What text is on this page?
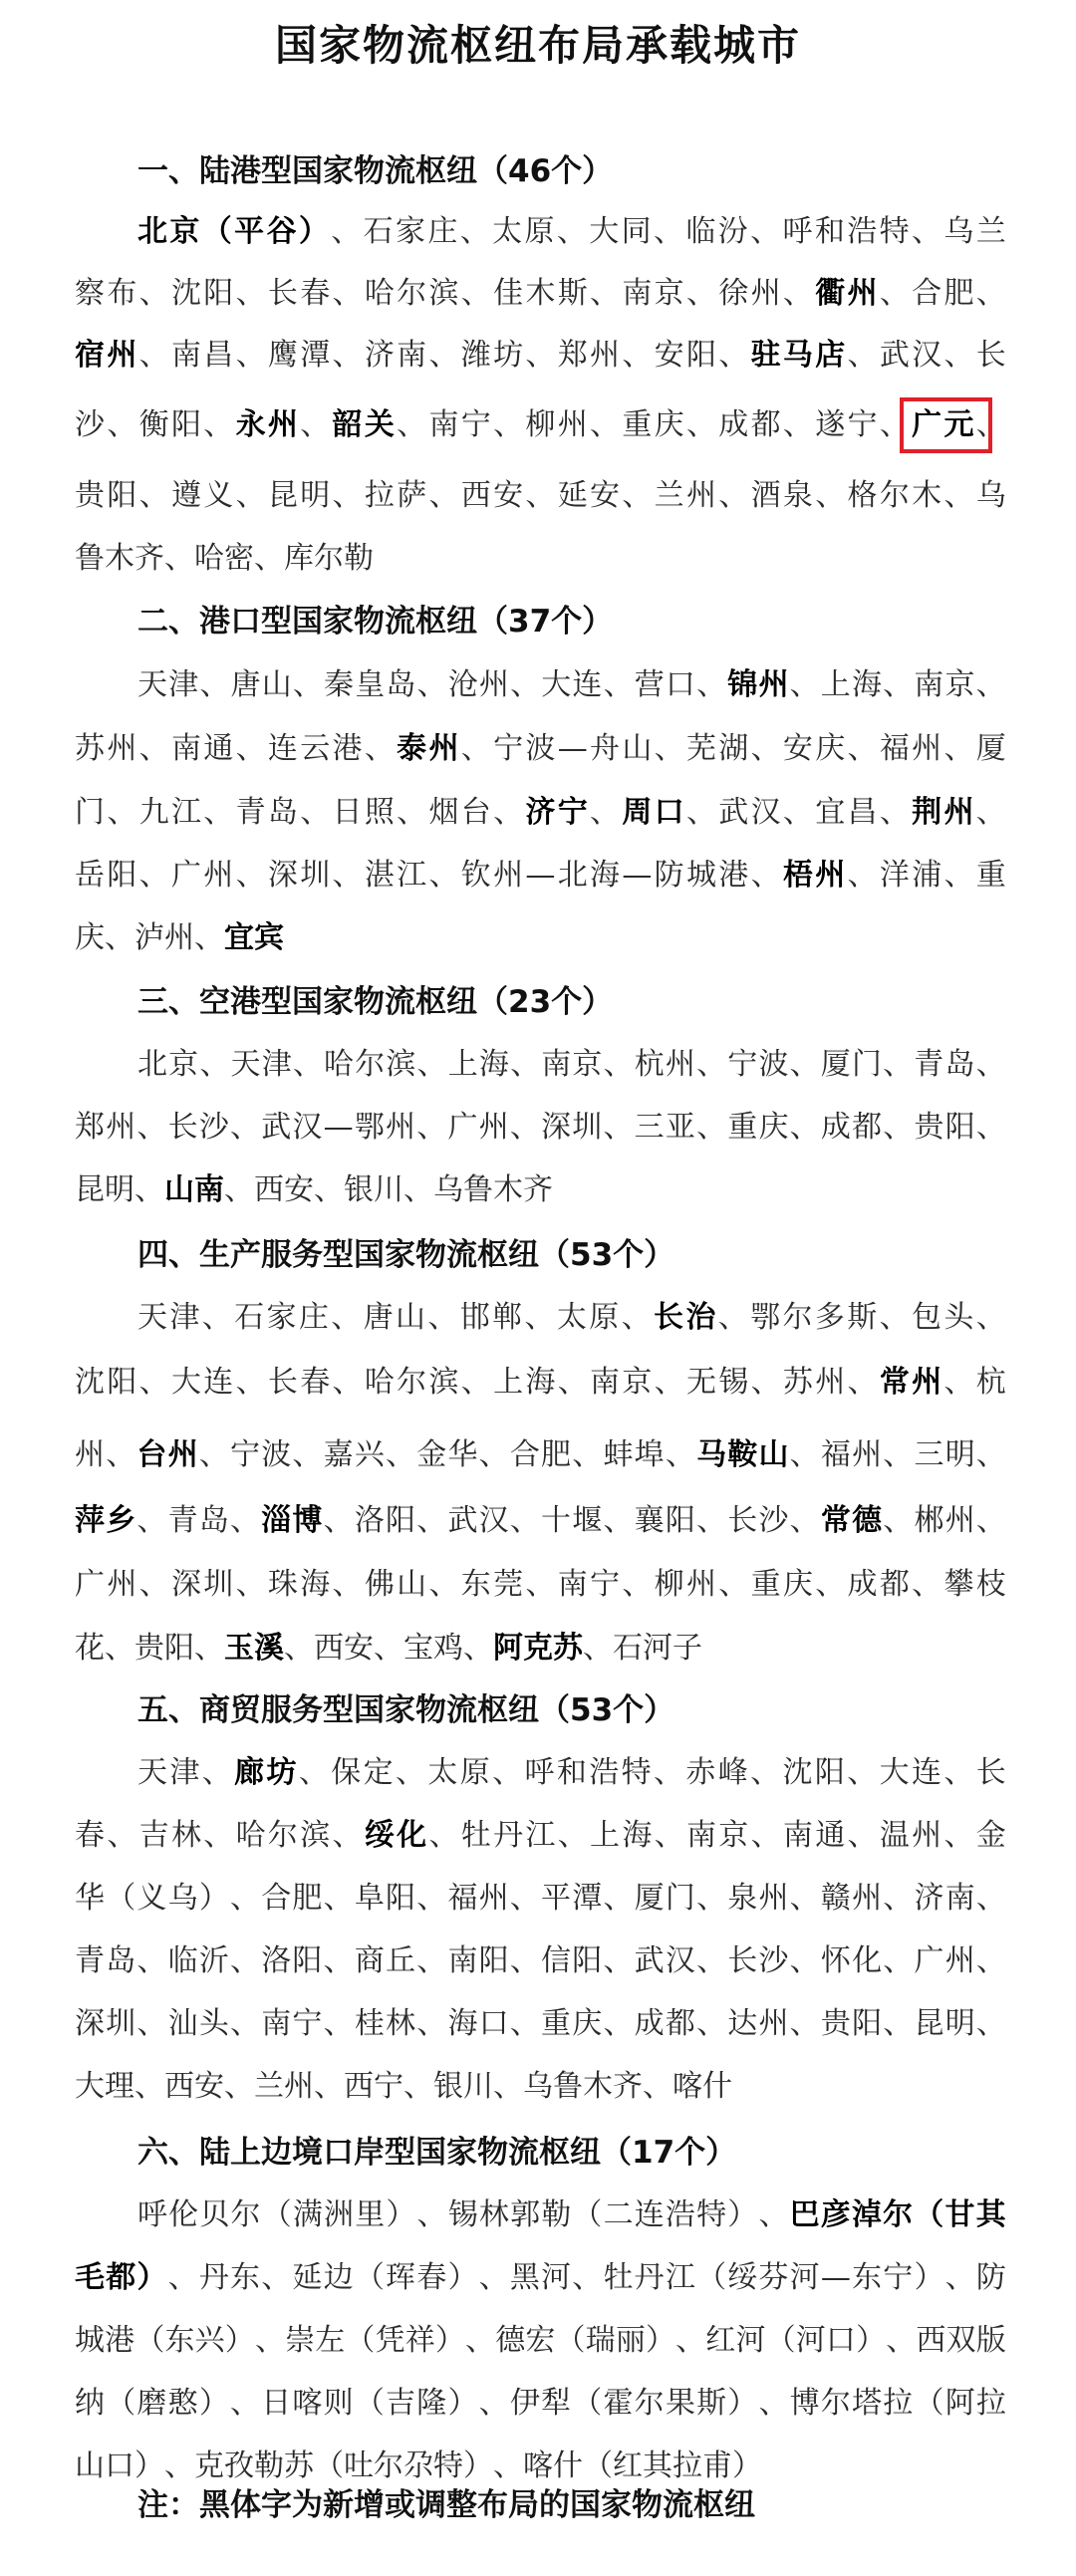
国家物流枢纽布局承载城市
一、陆港型国家物流枢纽（46个）
北 京 （ 平 谷 ） 、 石 家 庄 、 太 原 、 大 同 、 临 汾 、 呼 和 浩 特 、 乌 兰
察 布 、 沈 阳 、 长 春 、 哈 尔 滨 、 佳 木 斯 、 南 京 、 徐 州 、 衢 州 、 合 肥 、
宿 州 、 南 昌 、 鹰 潭 、 济 南 、 潍 坊 、 郑 州 、 安 阳 、 驻 马 店 、 武 汉 、 长
沙 、 衡 阳 、 永 州 、 韶 关 、 南 宁 、 柳 州 、 重 庆 、 成 都 、 遂 宁 、 广 元 、
贵 阳 、 遵 义 、 昆 明 、 拉 萨 、 西 安 、 延 安 、 兰 州 、 酒 泉 、 格 尔 木 、 乌
鲁 木 齐 、 哈 密 、 库 尔 勒
二、港口型国家物流枢纽（37个）
天 津 、 唐 山 、 秦 皇 岛 、 沧 州 、 大 连 、 营 口 、 锦 州 、 上 海 、 南 京 、
苏 州 、 南 通 、 连 云 港 、 泰 州 、 宁 波 — 舟 山 、 芜 湖 、 安 庆 、 福 州 、 厦
门 、 九 江 、 青 岛 、 日 照 、 烟 台 、 济 宁 、 周 口 、 武 汉 、 宜 昌 、 荆 州 、
岳 阳 、 广 州 、 深 圳 、 湛 江 、 钦 州 — 北 海 — 防 城 港 、 梧 州 、 洋 浦 、 重
庆 、 泸 州 、 宜 宾
三、空港型国家物流枢纽（23个）
北 京 、 天 津 、 哈 尔 滨 、 上 海 、 南 京 、 杭 州 、 宁 波 、 厦 门 、 青 岛 、
郑 州 、 长 沙 、 武 汉 — 鄂 州 、 广 州 、 深 圳 、 三 亚 、 重 庆 、 成 都 、 贵 阳 、
昆 明 、 山 南 、 西 安 、 银 川 、 乌 鲁 木 齐
四、生产服务型国家物流枢纽（53个）
天 津 、 石 家 庄 、 唐 山 、 邯 郸 、 太 原 、 长 治 、 鄂 尔 多 斯 、 包 头 、
沈 阳 、 大 连 、 长 春 、 哈 尔 滨 、 上 海 、 南 京 、 无 锡 、 苏 州 、 常 州 、 杭
州 、 台 州 、 宁 波 、 嘉 兴 、 金 华 、 合 肥 、 蚌 埠 、 马 鞍 山 、 福 州 、 三 明 、
萍 乡 、 青 岛 、 淄 博 、 洛 阳 、 武 汉 、 十 堰 、 襄 阳 、 长 沙 、 常 德 、 郴 州 、
广 州 、 深 圳 、 珠 海 、 佛 山 、 东 莞 、 南 宁 、 柳 州 、 重 庆 、 成 都 、 攀 枝
花 、 贵 阳 、 玉 溪 、 西 安 、 宝 鸡 、 阿 克 苏 、 石 河 子
五、商贸服务型国家物流枢纽（53个）
天 津 、 廊 坊 、 保 定 、 太 原 、 呼 和 浩 特 、 赤 峰 、 沈 阳 、 大 连 、 长
春 、 吉 林 、 哈 尔 滨 、 绥 化 、 牡 丹 江 、 上 海 、 南 京 、 南 通 、 温 州 、 金
华 （ 义 乌 ） 、 合 肥 、 阜 阳 、 福 州 、 平 潭 、 厦 门 、 泉 州 、 赣 州 、 济 南 、
青 岛 、 临 沂 、 洛 阳 、 商 丘 、 南 阳 、 信 阳 、 武 汉 、 长 沙 、 怀 化 、 广 州 、
深 圳 、 汕 头 、 南 宁 、 桂 林 、 海 口 、 重 庆 、 成 都 、 达 州 、 贵 阳 、 昆 明 、
大 理 、 西 安 、 兰 州 、 西 宁 、 银 川 、 乌 鲁 木 齐 、 喀 什
六、陆上边境口岸型国家物流枢纽（17个）
呼 伦 贝 尔 （ 满 洲 里 ） 、 锡 林 郭 勒 （ 二 连 浩 特 ） 、 巴 彦 淖 尔 （ 甘 其
毛 都 ） 、 丹 东 、 延 边 （ 珲 春 ） 、 黑 河 、 牡 丹 江 （ 绥 芬 河 — 东 宁 ） 、 防
城 港 （ 东 兴 ） 、 崇 左 （ 凭 祥 ） 、 德 宏 （ 瑞 丽 ） 、 红 河 （ 河 口 ） 、 西 双 版
纳 （ 磨 憨 ） 、 日 喀 则 （ 吉 隆 ） 、 伊 犁 （ 霍 尔 果 斯 ） 、 博 尔 塔 拉 （ 阿 拉
山 口 ） 、 克 孜 勒 苏 （ 吐 尔 尕 特 ） 、 喀 什 （ 红 其 拉 甫 ）
注：黑体字为新增或调整布局的国家物流枢纽
